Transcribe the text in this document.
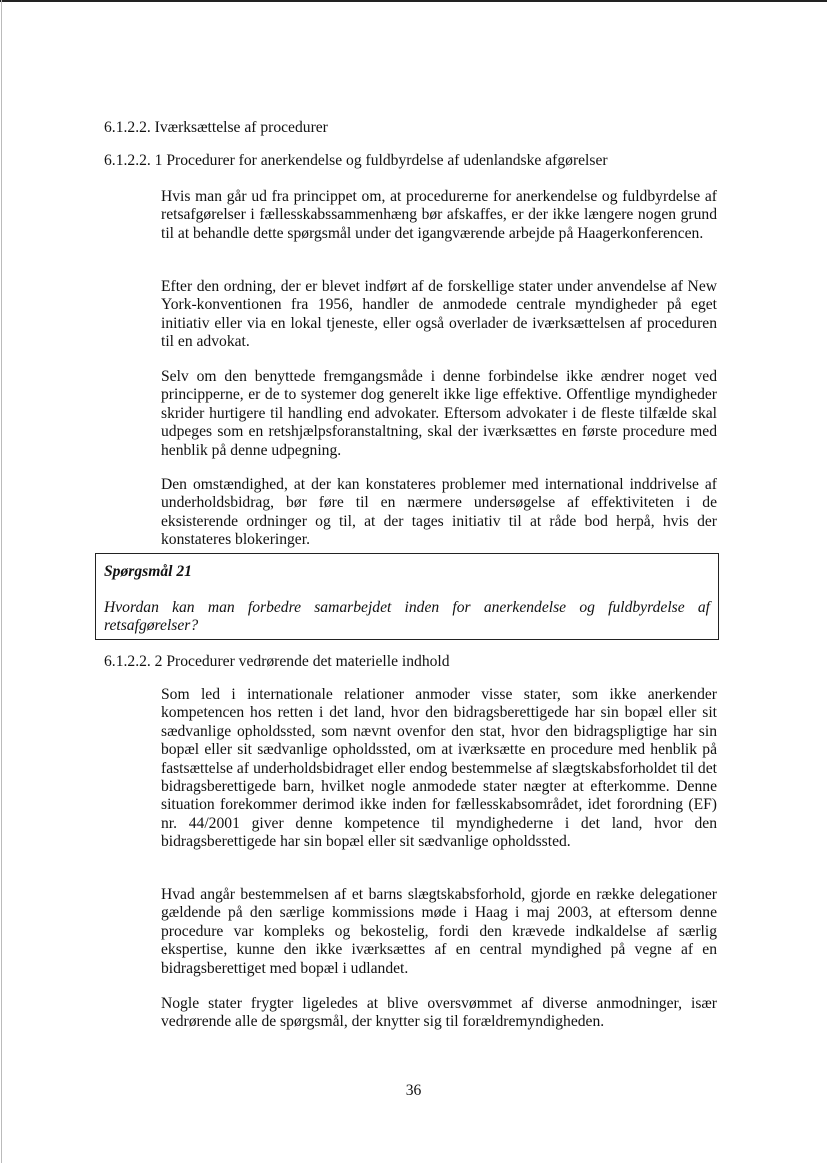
6.1.2.2. Iværksættelse af procedurer
6.1.2.2. 1 Procedurer for anerkendelse og fuldbyrdelse af udenlandske afgørelser

Hvis man går ud fra princippet om, at procedurerne for anerkendelse og fuldbyrdelse af retsafgørelser i fællesskabssammenhæng bør afskaffes, er der ikke længere nogen grund til at behandle dette spørgsmål under det igangværende arbejde på Haagerkonferencen.

Efter den ordning, der er blevet indført af de forskellige stater under anvendelse af New York-konventionen fra 1956, handler de anmodede centrale myndigheder på eget initiativ eller via en lokal tjeneste, eller også overlader de iværksættelsen af proceduren til en advokat.

Selv om den benyttede fremgangsmåde i denne forbindelse ikke ændrer noget ved principperne, er de to systemer dog generelt ikke lige effektive. Offentlige myndigheder skrider hurtigere til handling end advokater. Eftersom advokater i de fleste tilfælde skal udpeges som en retshjælpsforanstaltning, skal der iværksættes en første procedure med henblik på denne udpegning.

Den omstændighed, at der kan konstateres problemer med international inddrivelse af underholdsbidrag, bør føre til en nærmere undersøgelse af effektiviteten i de eksisterende ordninger og til, at der tages initiativ til at råde bod herpå, hvis der konstateres blokeringer.

Spørgsmål 21

Hvordan kan man forbedre samarbejdet inden for anerkendelse og fuldbyrdelse af retsafgørelser?

6.1.2.2. 2 Procedurer vedrørende det materielle indhold

Som led i internationale relationer anmoder visse stater, som ikke anerkender kompetencen hos retten i det land, hvor den bidragsberettigede har sin bopæl eller sit sædvanlige opholdssted, som nævnt ovenfor den stat, hvor den bidragspligtige har sin bopæl eller sit sædvanlige opholdssted, om at iværksætte en procedure med henblik på fastsættelse af underholdsbidraget eller endog bestemmelse af slægtskabsforholdet til det bidragsberettigede barn, hvilket nogle anmodede stater nægter at efterkomme. Denne situation forekommer derimod ikke inden for fællesskabsområdet, idet forordning (EF) nr. 44/2001 giver denne kompetence til myndighederne i det land, hvor den bidragsberettigede har sin bopæl eller sit sædvanlige opholdssted.

Hvad angår bestemmelsen af et barns slægtskabsforhold, gjorde en række delegationer gældende på den særlige kommissions møde i Haag i maj 2003, at eftersom denne procedure var kompleks og bekostelig, fordi den krævede indkaldelse af særlig ekspertise, kunne den ikke iværksættes af en central myndighed på vegne af en bidragsberettiget med bopæl i udlandet.

Nogle stater frygter ligeledes at blive oversvømmet af diverse anmodninger, især vedrørende alle de spørgsmål, der knytter sig til forældremyndigheden.

36
